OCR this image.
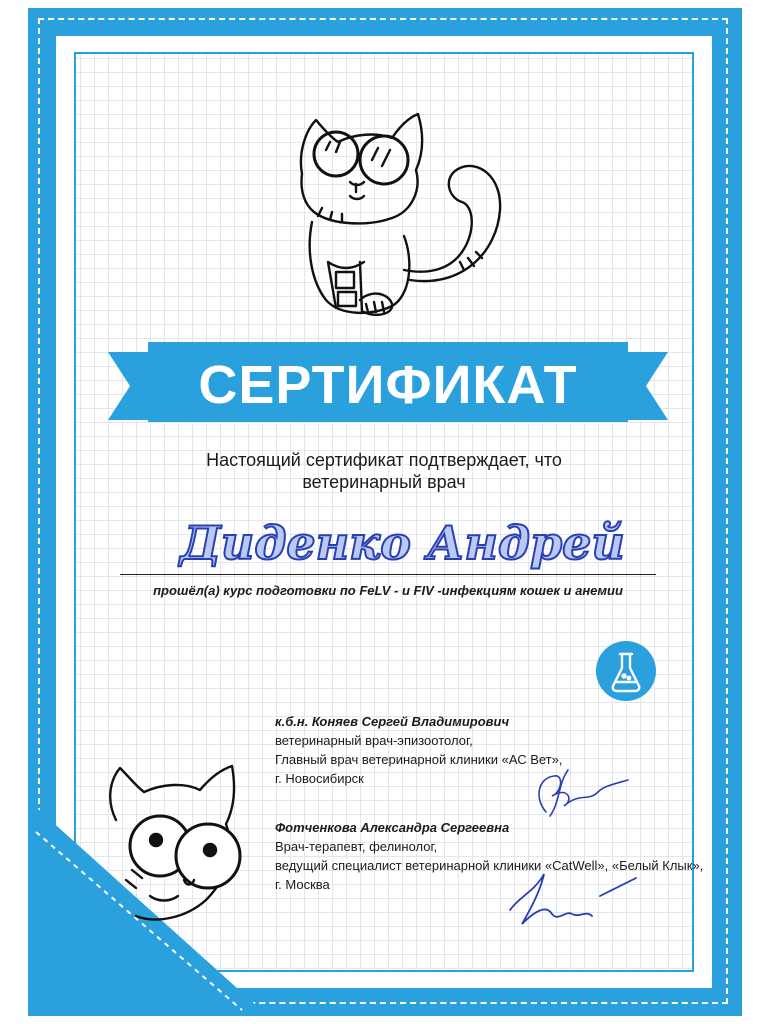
СЕРТИФИКАТ
Настоящий сертификат подтверждает, что
ветеринарный врач
Диденко Андрей
прошёл(а) курс подготовки по FeLV - и FIV -инфекциям кошек и анемии
к.б.н. Коняев Сергей Владимирович
ветеринарный врач-эпизоотолог,
Главный врач ветеринарной клиники «АС Вет»,
г. Новосибирск
Фотченкова Александра Сергеевна
Врач-терапевт, фелинолог,
ведущий специалист ветеринарной клиники «CatWell», «Белый Клык»,
г. Москва
